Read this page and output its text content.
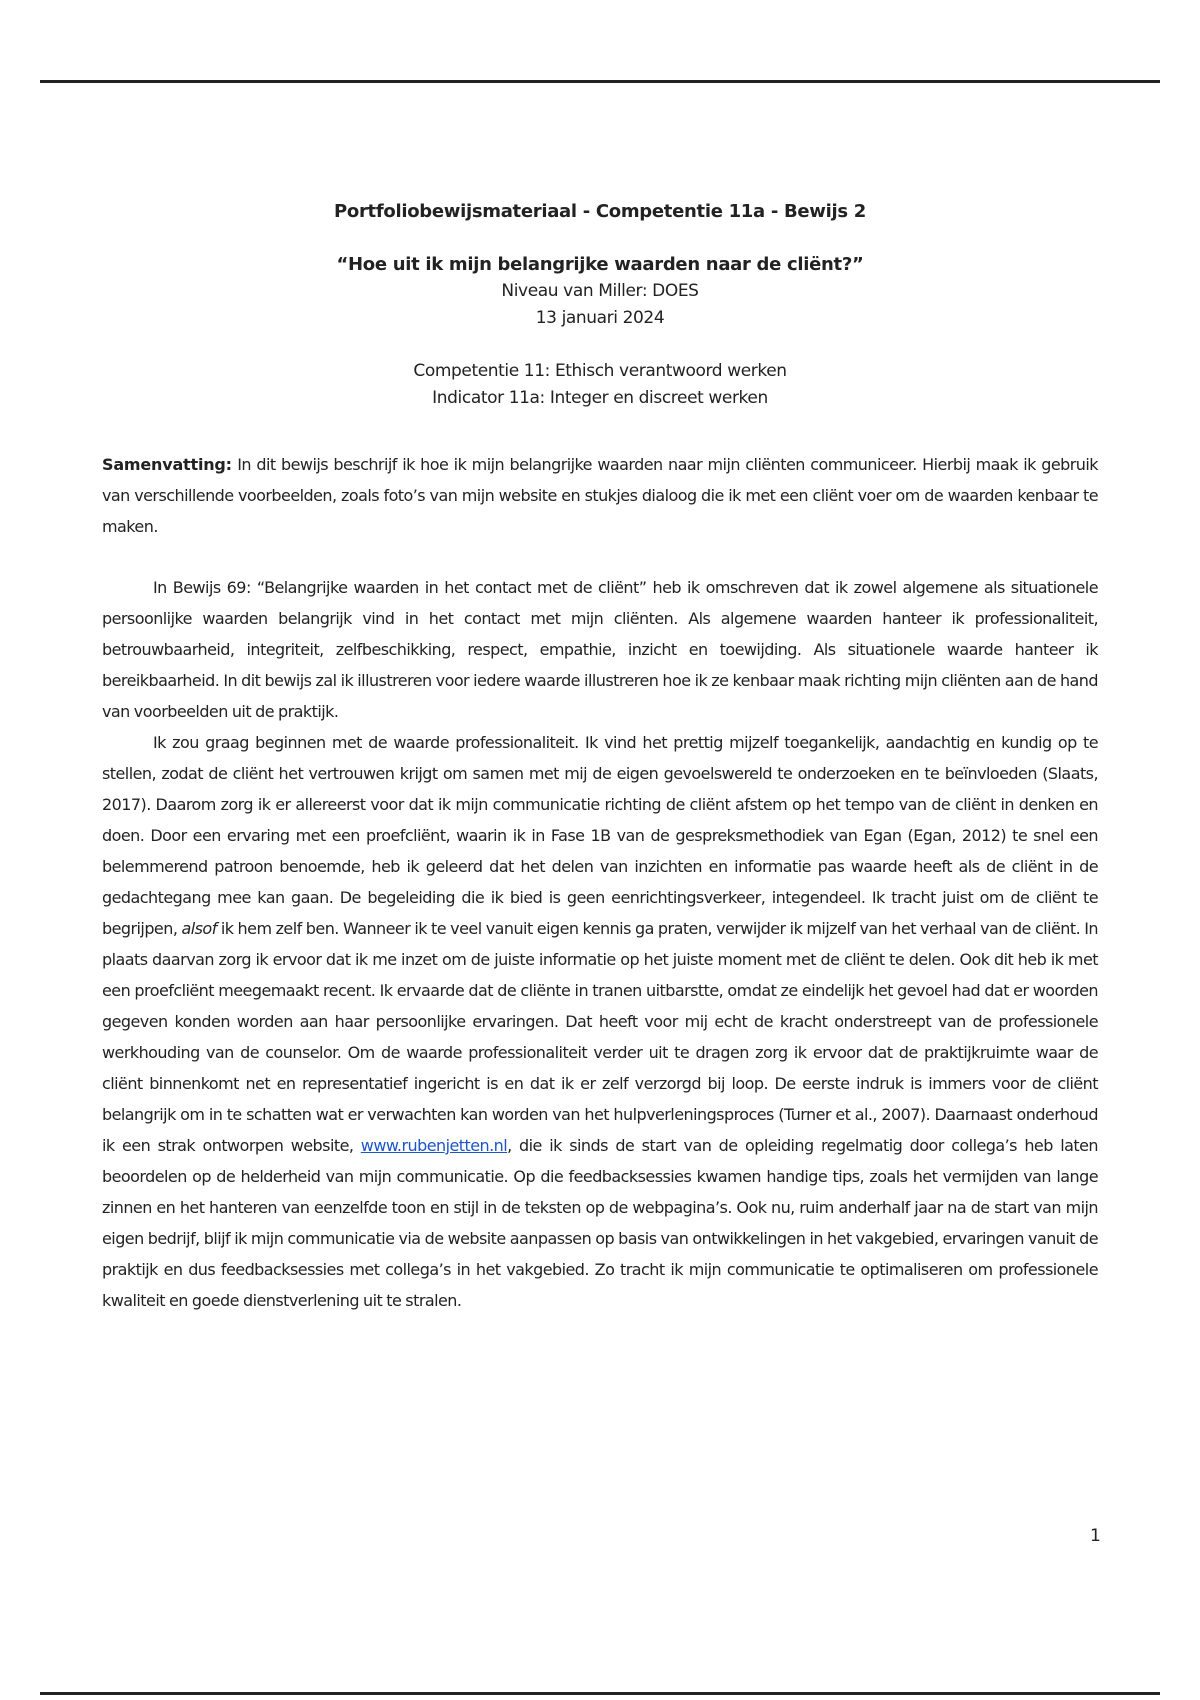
Portfoliobewijsmateriaal - Competentie 11a - Bewijs 2
“Hoe uit ik mijn belangrijke waarden naar de cliënt?”
Niveau van Miller: DOES
13 januari 2024
Competentie 11: Ethisch verantwoord werken
Indicator 11a: Integer en discreet werken
Samenvatting: In dit bewijs beschrijf ik hoe ik mijn belangrijke waarden naar mijn cliënten communiceer. Hierbij maak ik gebruik van verschillende voorbeelden, zoals foto’s van mijn website en stukjes dialoog die ik met een cliënt voer om de waarden kenbaar te maken.

In Bewijs 69: “Belangrijke waarden in het contact met de cliënt” heb ik omschreven dat ik zowel algemene als situationele persoonlijke waarden belangrijk vind in het contact met mijn cliënten. Als algemene waarden hanteer ik professionaliteit, betrouwbaarheid, integriteit, zelfbeschikking, respect, empathie, inzicht en toewijding. Als situationele waarde hanteer ik bereikbaarheid. In dit bewijs zal ik illustreren voor iedere waarde illustreren hoe ik ze kenbaar maak richting mijn cliënten aan de hand van voorbeelden uit de praktijk.

Ik zou graag beginnen met de waarde professionaliteit. Ik vind het prettig mijzelf toegankelijk, aandachtig en kundig op te stellen, zodat de cliënt het vertrouwen krijgt om samen met mij de eigen gevoelswereld te onderzoeken en te beïnvloeden (Slaats, 2017). Daarom zorg ik er allereerst voor dat ik mijn communicatie richting de cliënt afstem op het tempo van de cliënt in denken en doen. Door een ervaring met een proefcliënt, waarin ik in Fase 1B van de gespreksmethodiek van Egan (Egan, 2012) te snel een belemmerend patroon benoemde, heb ik geleerd dat het delen van inzichten en informatie pas waarde heeft als de cliënt in de gedachtegang mee kan gaan. De begeleiding die ik bied is geen eenrichtingsverkeer, integendeel. Ik tracht juist om de cliënt te begrijpen, alsof ik hem zelf ben. Wanneer ik te veel vanuit eigen kennis ga praten, verwijder ik mijzelf van het verhaal van de cliënt. In plaats daarvan zorg ik ervoor dat ik me inzet om de juiste informatie op het juiste moment met de cliënt te delen. Ook dit heb ik met een proefcliënt meegemaakt recent. Ik ervaarde dat de cliënte in tranen uitbarstte, omdat ze eindelijk het gevoel had dat er woorden gegeven konden worden aan haar persoonlijke ervaringen. Dat heeft voor mij echt de kracht onderstreept van de professionele werkhouding van de counselor. Om de waarde professionaliteit verder uit te dragen zorg ik ervoor dat de praktijkruimte waar de cliënt binnenkomt net en representatief ingericht is en dat ik er zelf verzorgd bij loop. De eerste indruk is immers voor de cliënt belangrijk om in te schatten wat er verwachten kan worden van het hulpverleningsproces (Turner et al., 2007). Daarnaast onderhoud ik een strak ontworpen website, www.rubenjetten.nl, die ik sinds de start van de opleiding regelmatig door collega’s heb laten beoordelen op de helderheid van mijn communicatie. Op die feedbacksessies kwamen handige tips, zoals het vermijden van lange zinnen en het hanteren van eenzelfde toon en stijl in de teksten op de webpagina’s. Ook nu, ruim anderhalf jaar na de start van mijn eigen bedrijf, blijf ik mijn communicatie via de website aanpassen op basis van ontwikkelingen in het vakgebied, ervaringen vanuit de praktijk en dus feedbacksessies met collega’s in het vakgebied. Zo tracht ik mijn communicatie te optimaliseren om professionele kwaliteit en goede dienstverlening uit te stralen.

1
